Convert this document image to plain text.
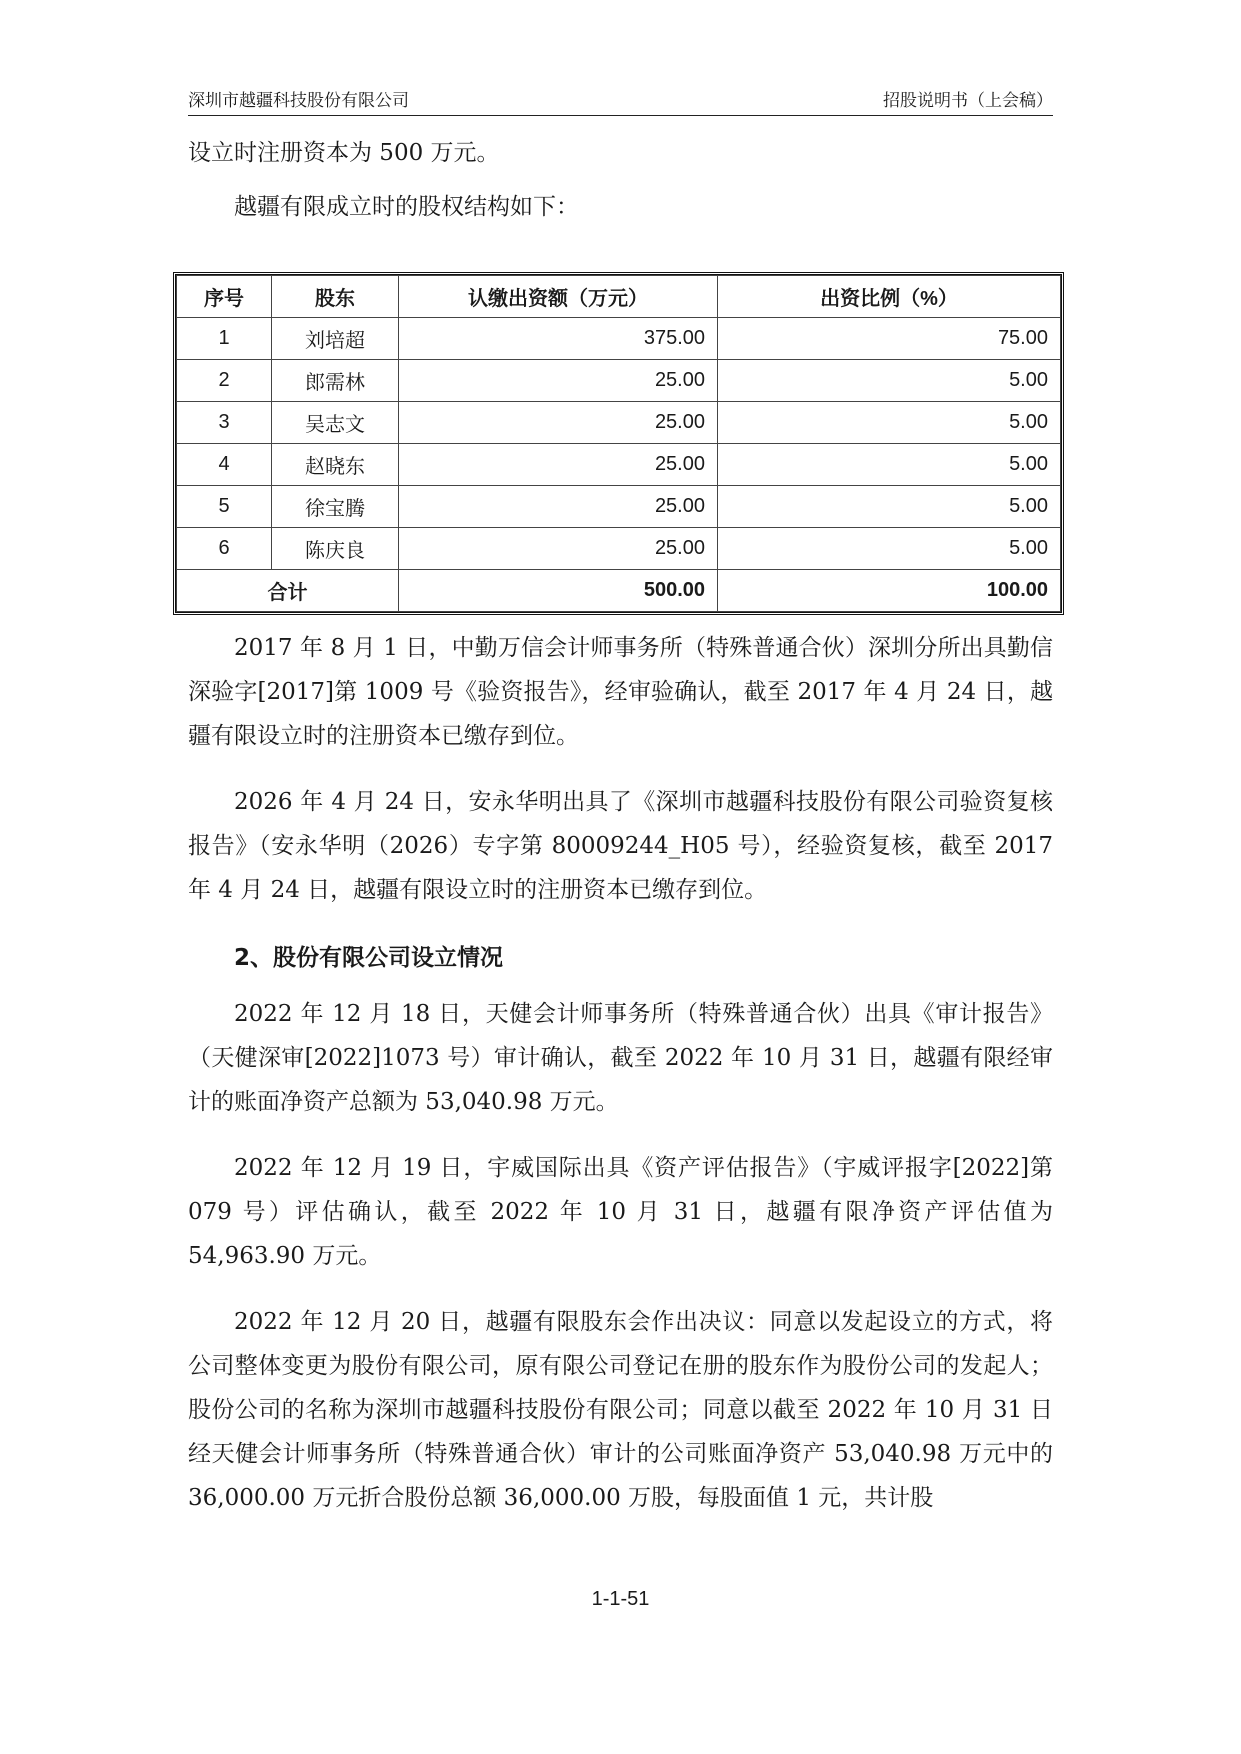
深圳市越疆科技股份有限公司	招股说明书（上会稿）

设立时注册资本为 500 万元。

越疆有限成立时的股权结构如下：

序号	股东	认缴出资额（万元）	出资比例（%）
1	刘培超	375.00	75.00
2	郎需林	25.00	5.00
3	吴志文	25.00	5.00
4	赵晓东	25.00	5.00
5	徐宝腾	25.00	5.00
6	陈庆良	25.00	5.00
合计		500.00	100.00

2017 年 8 月 1 日，中勤万信会计师事务所（特殊普通合伙）深圳分所出具勤信深验字[2017]第 1009 号《验资报告》，经审验确认，截至 2017 年 4 月 24 日，越疆有限设立时的注册资本已缴存到位。

2026 年 4 月 24 日，安永华明出具了《深圳市越疆科技股份有限公司验资复核报告》（安永华明（2026）专字第 80009244_H05 号），经验资复核，截至 2017 年 4 月 24 日，越疆有限设立时的注册资本已缴存到位。

2、股份有限公司设立情况

2022 年 12 月 18 日，天健会计师事务所（特殊普通合伙）出具《审计报告》（天健深审[2022]1073 号）审计确认，截至 2022 年 10 月 31 日，越疆有限经审计的账面净资产总额为 53,040.98 万元。

2022 年 12 月 19 日，宇威国际出具《资产评估报告》（宇威评报字[2022]第 079 号）评估确认，截至 2022 年 10 月 31 日，越疆有限净资产评估值为 54,963.90 万元。

2022 年 12 月 20 日，越疆有限股东会作出决议：同意以发起设立的方式，将公司整体变更为股份有限公司，原有限公司登记在册的股东作为股份公司的发起人；股份公司的名称为深圳市越疆科技股份有限公司；同意以截至 2022 年 10 月 31 日经天健会计师事务所（特殊普通合伙）审计的公司账面净资产 53,040.98 万元中的 36,000.00 万元折合股份总额 36,000.00 万股，每股面值 1 元，共计股

1-1-51
